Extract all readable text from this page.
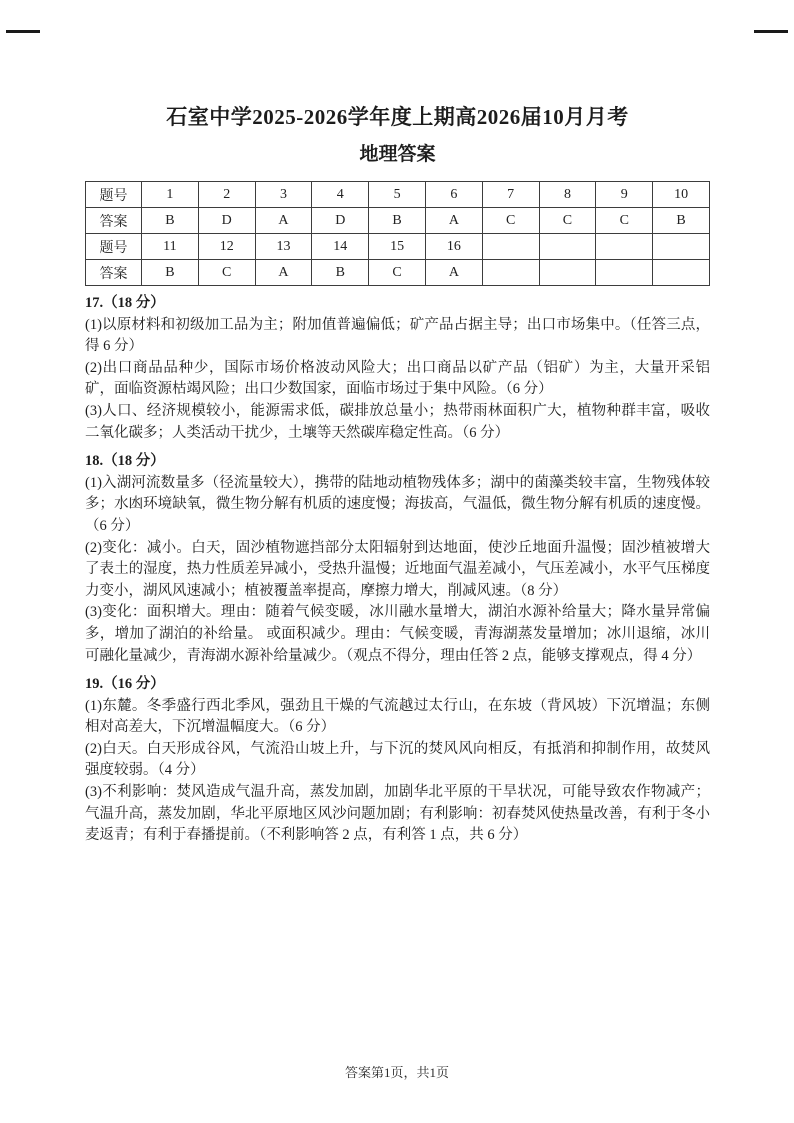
石室中学2025-2026学年度上期高2026届10月月考
地理答案
题号	1	2	3	4	5	6	7	8	9	10
答案	B	D	A	D	B	A	C	C	C	B
题号	11	12	13	14	15	16				
答案	B	C	A	B	C	A				
17.（18 分）

(1)以原材料和初级加工品为主；附加值普遍偏低；矿产品占据主导；出口市场集中。（任答三点，得 6 分）

(2)出口商品品种少，国际市场价格波动风险大；出口商品以矿产品（铝矿）为主，大量开采铝矿，面临资源枯竭风险；出口少数国家，面临市场过于集中风险。（6 分）

(3)人口、经济规模较小，能源需求低，碳排放总量小；热带雨林面积广大，植物种群丰富，吸收二氧化碳多；人类活动干扰少，土壤等天然碳库稳定性高。（6 分）

18.（18 分）

(1)入湖河流数量多（径流量较大），携带的陆地动植物残体多；湖中的菌藻类较丰富，生物残体较多；水凼环境缺氧，微生物分解有机质的速度慢；海拔高，气温低，微生物分解有机质的速度慢。（6 分）

(2)变化：减小。白天，固沙植物遮挡部分太阳辐射到达地面，使沙丘地面升温慢；固沙植被增大了表土的湿度，热力性质差异减小，受热升温慢；近地面气温差减小，气压差减小，水平气压梯度力变小，湖风风速减小；植被覆盖率提高，摩擦力增大，削减风速。（8 分）

(3)变化：面积增大。理由：随着气候变暖，冰川融水量增大，湖泊水源补给量大；降水量异常偏多，增加了湖泊的补给量。 或面积减少。理由：气候变暖，青海湖蒸发量增加；冰川退缩，冰川可融化量减少，青海湖水源补给量减少。（观点不得分，理由任答 2 点，能够支撑观点，得 4 分）

19.（16 分）

(1)东麓。冬季盛行西北季风，强劲且干燥的气流越过太行山，在东坡（背风坡）下沉增温；东侧相对高差大，下沉增温幅度大。（6 分）

(2)白天。白天形成谷风，气流沿山坡上升，与下沉的焚风风向相反，有抵消和抑制作用，故焚风强度较弱。（4 分）

(3)不利影响：焚风造成气温升高，蒸发加剧，加剧华北平原的干旱状况，可能导致农作物减产；气温升高，蒸发加剧，华北平原地区风沙问题加剧；有利影响：初春焚风使热量改善，有利于冬小麦返青；有利于春播提前。（不利影响答 2 点，有利答 1 点，共 6 分）

答案第1页，共1页
